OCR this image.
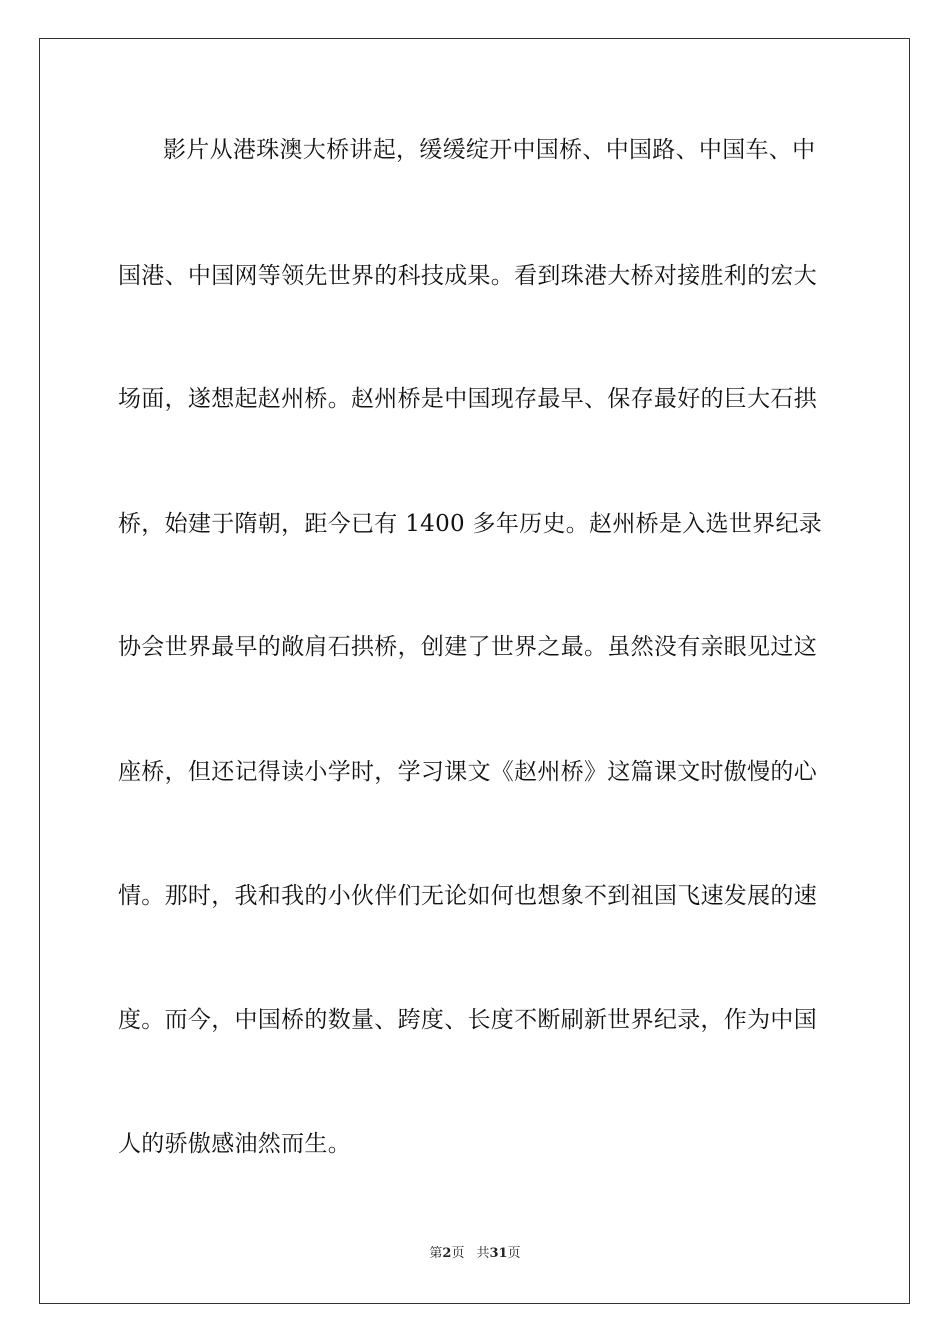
影片从港珠澳大桥讲起，缓缓绽开中国桥、中国路、中国车、中
国港、中国网等领先世界的科技成果。看到珠港大桥对接胜利的宏大
场面，遂想起赵州桥。赵州桥是中国现存最早、保存最好的巨大石拱
桥，始建于隋朝，距今已有 1400 多年历史。赵州桥是入选世界纪录
协会世界最早的敞肩石拱桥，创建了世界之最。虽然没有亲眼见过这
座桥，但还记得读小学时，学习课文《赵州桥》这篇课文时傲慢的心
情。那时，我和我的小伙伴们无论如何也想象不到祖国飞速发展的速
度。而今，中国桥的数量、跨度、长度不断刷新世界纪录，作为中国
人的骄傲感油然而生。
第2页 共31页
